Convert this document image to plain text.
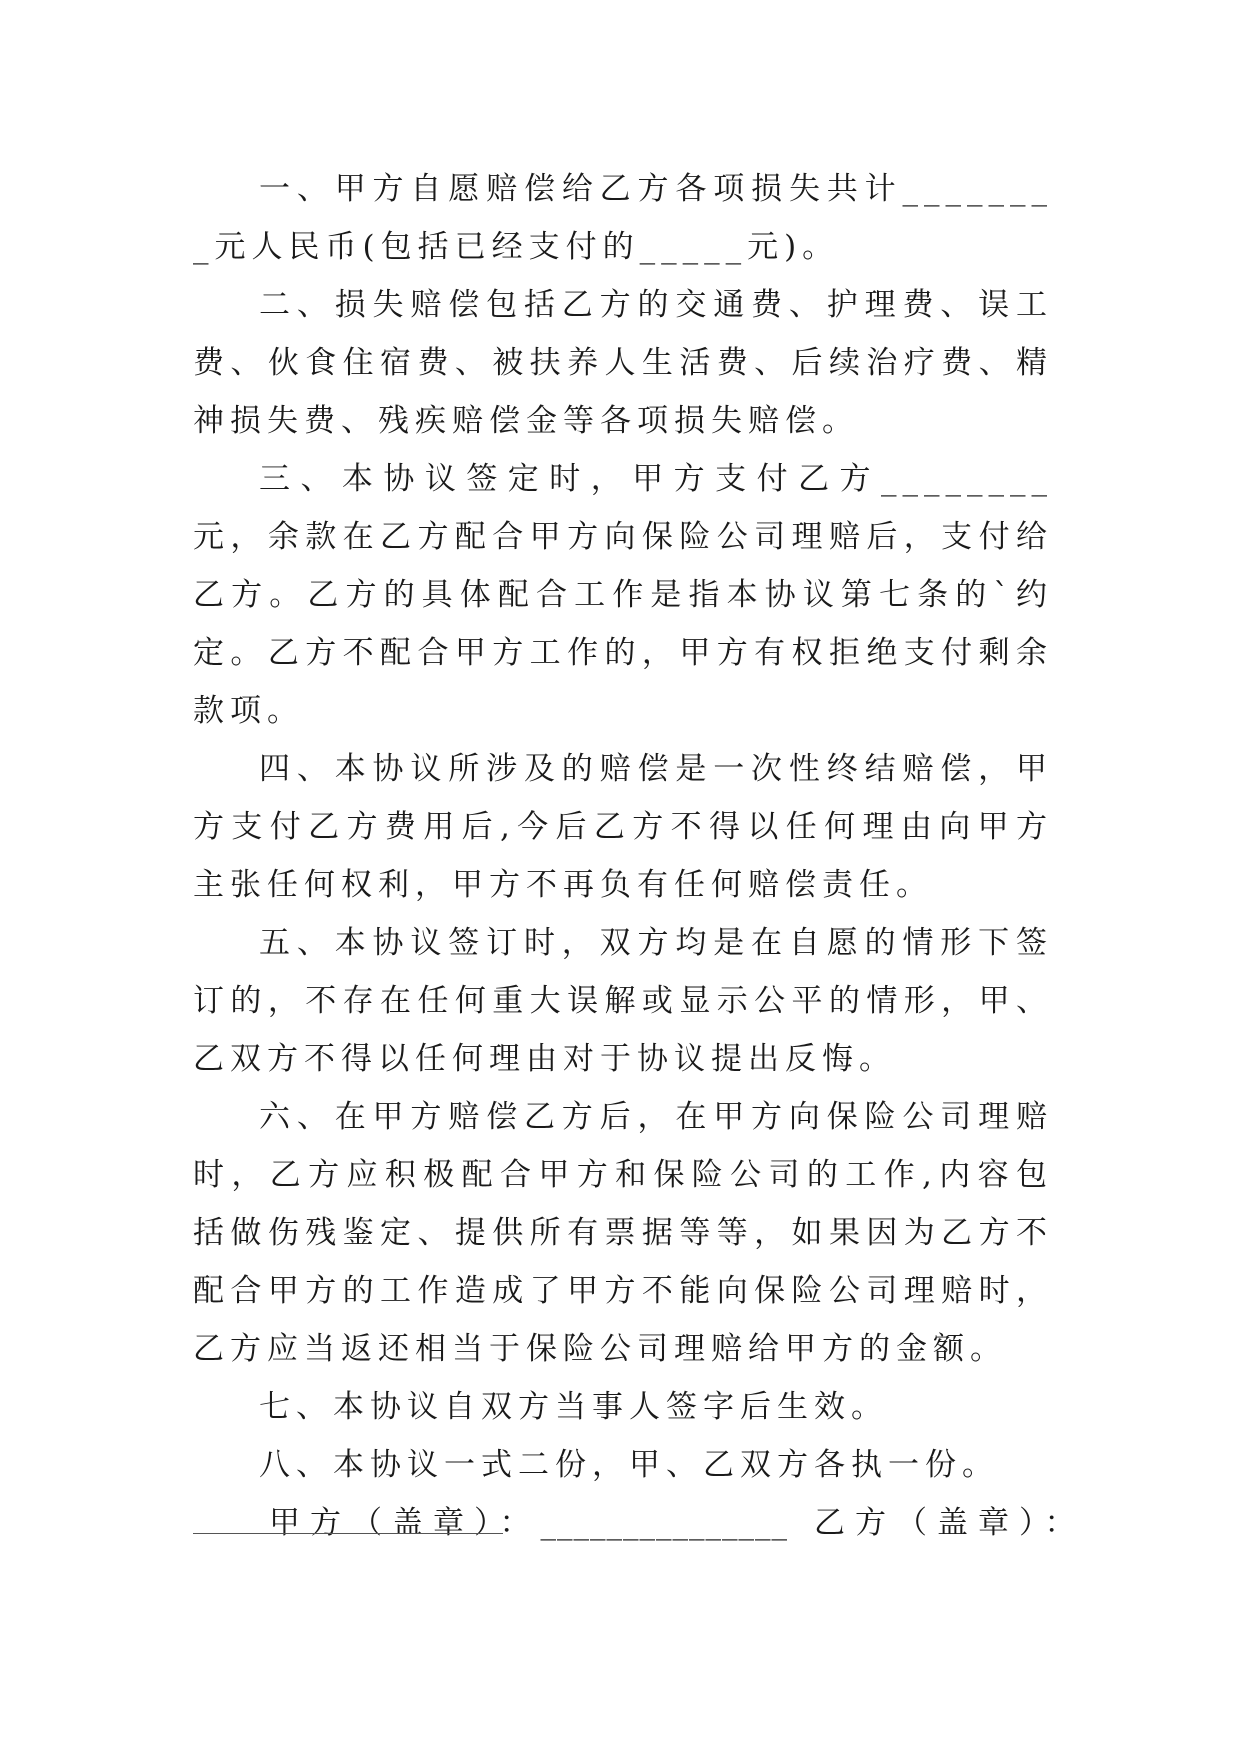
一、甲方自愿赔偿给乙方各项损失共计________元人民币(包括已经支付的_____元)。

二、损失赔偿包括乙方的交通费、护理费、误工费、伙食住宿费、被扶养人生活费、后续治疗费、精神损失费、残疾赔偿金等各项损失赔偿。

三、本协议签定时，甲方支付乙方________元，余款在乙方配合甲方向保险公司理赔后，支付给乙方。乙方的具体配合工作是指本协议第七条的`约定。乙方不配合甲方工作的，甲方有权拒绝支付剩余款项。

四、本协议所涉及的赔偿是一次性终结赔偿，甲方支付乙方费用后,今后乙方不得以任何理由向甲方主张任何权利，甲方不再负有任何赔偿责任。

五、本协议签订时，双方均是在自愿的情形下签订的，不存在任何重大误解或显示公平的情形，甲、乙双方不得以任何理由对于协议提出反悔。

六、在甲方赔偿乙方后，在甲方向保险公司理赔时，乙方应积极配合甲方和保险公司的工作,内容包括做伤残鉴定、提供所有票据等等，如果因为乙方不配合甲方的工作造成了甲方不能向保险公司理赔时，乙方应当返还相当于保险公司理赔给甲方的金额。

七、本协议自双方当事人签字后生效。

八、本协议一式二份，甲、乙双方各执一份。

甲方（盖章）：_______________ 乙方（盖章）：
